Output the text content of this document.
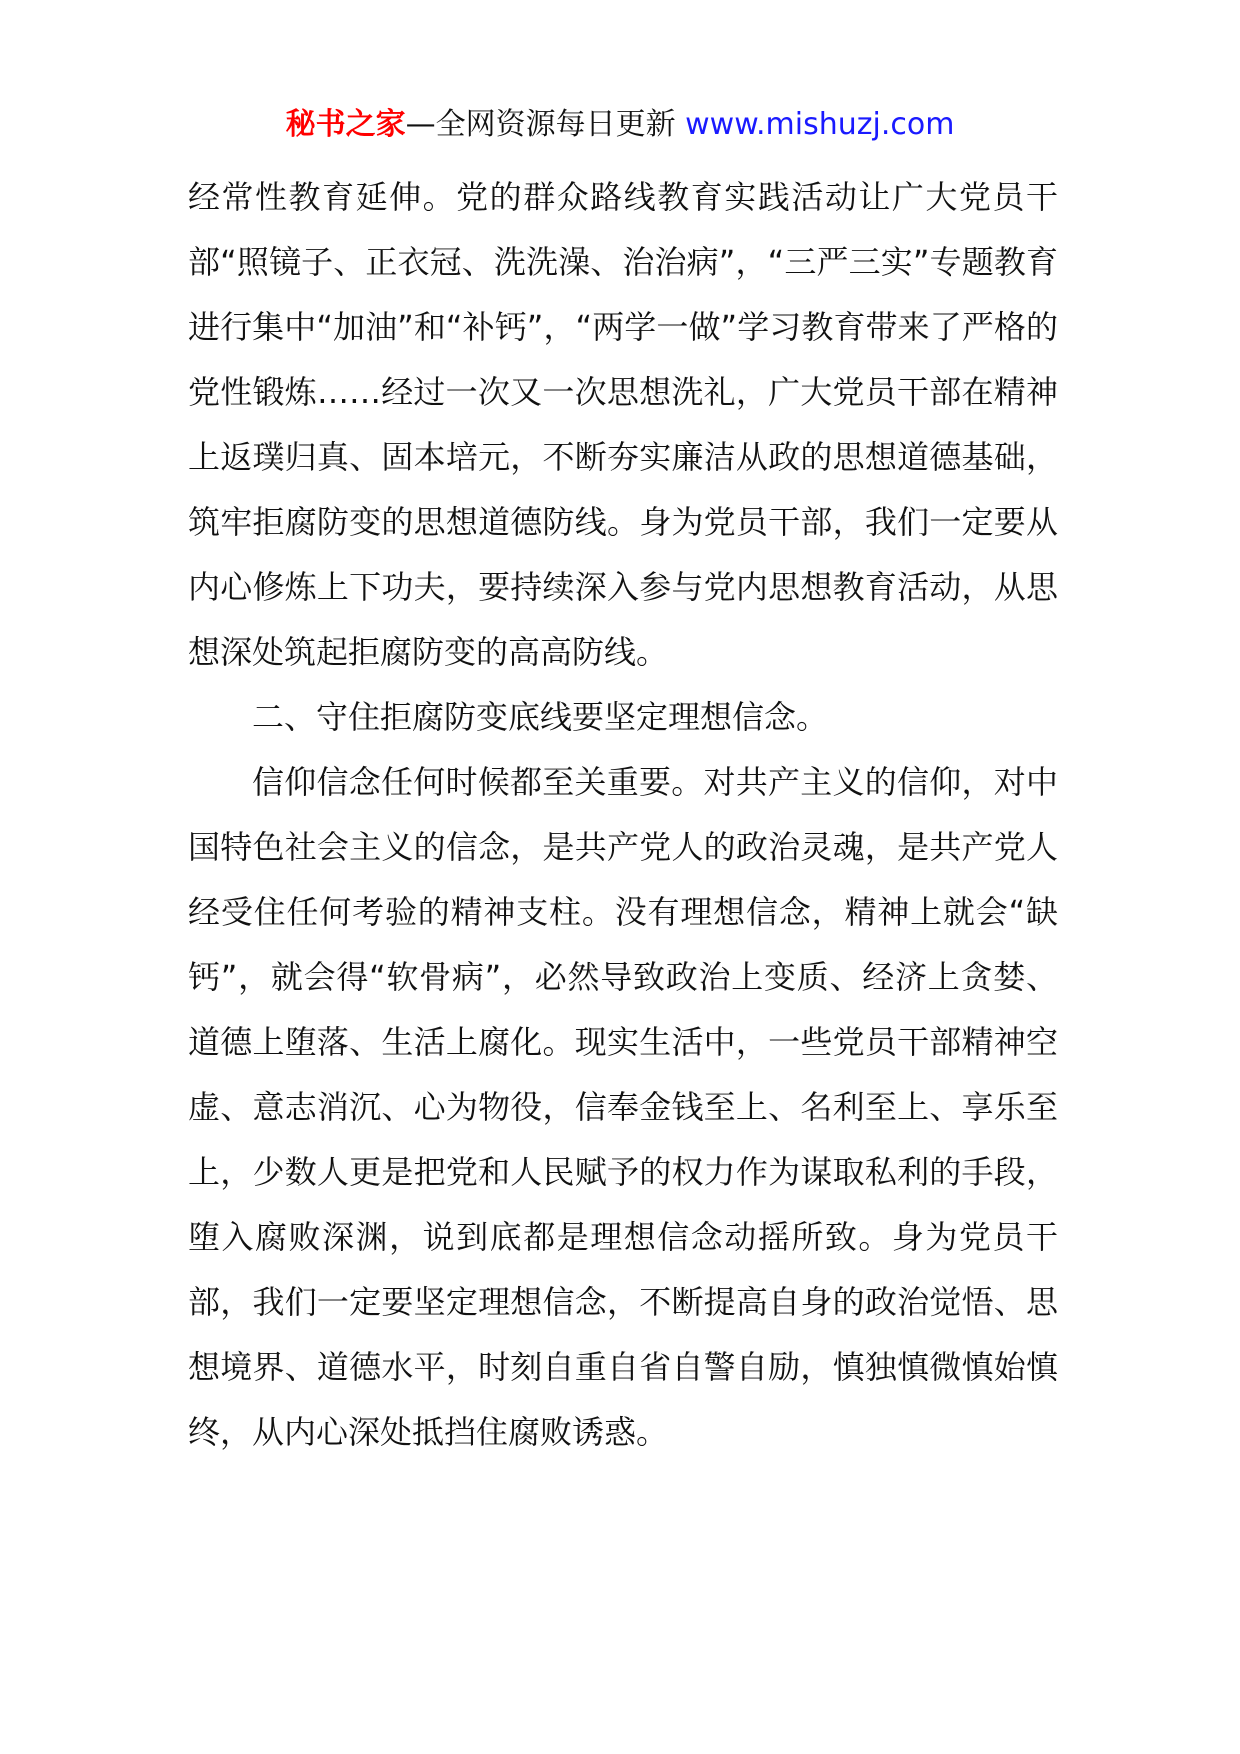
秘书之家—全网资源每日更新 www.mishuzj.com

经常性教育延伸。党的群众路线教育实践活动让广大党员干部“照镜子、正衣冠、洗洗澡、治治病”，“三严三实”专题教育进行集中“加油”和“补钙”，“两学一做”学习教育带来了严格的党性锻炼……经过一次又一次思想洗礼，广大党员干部在精神上返璞归真、固本培元，不断夯实廉洁从政的思想道德基础，筑牢拒腐防变的思想道德防线。身为党员干部，我们一定要从内心修炼上下功夫，要持续深入参与党内思想教育活动，从思想深处筑起拒腐防变的高高防线。

二、守住拒腐防变底线要坚定理想信念。

信仰信念任何时候都至关重要。对共产主义的信仰，对中国特色社会主义的信念，是共产党人的政治灵魂，是共产党人经受住任何考验的精神支柱。没有理想信念，精神上就会“缺钙”，就会得“软骨病”，必然导致政治上变质、经济上贪婪、道德上堕落、生活上腐化。现实生活中，一些党员干部精神空虚、意志消沉、心为物役，信奉金钱至上、名利至上、享乐至上，少数人更是把党和人民赋予的权力作为谋取私利的手段，堕入腐败深渊，说到底都是理想信念动摇所致。身为党员干部，我们一定要坚定理想信念，不断提高自身的政治觉悟、思想境界、道德水平，时刻自重自省自警自励，慎独慎微慎始慎终，从内心深处抵挡住腐败诱惑。
